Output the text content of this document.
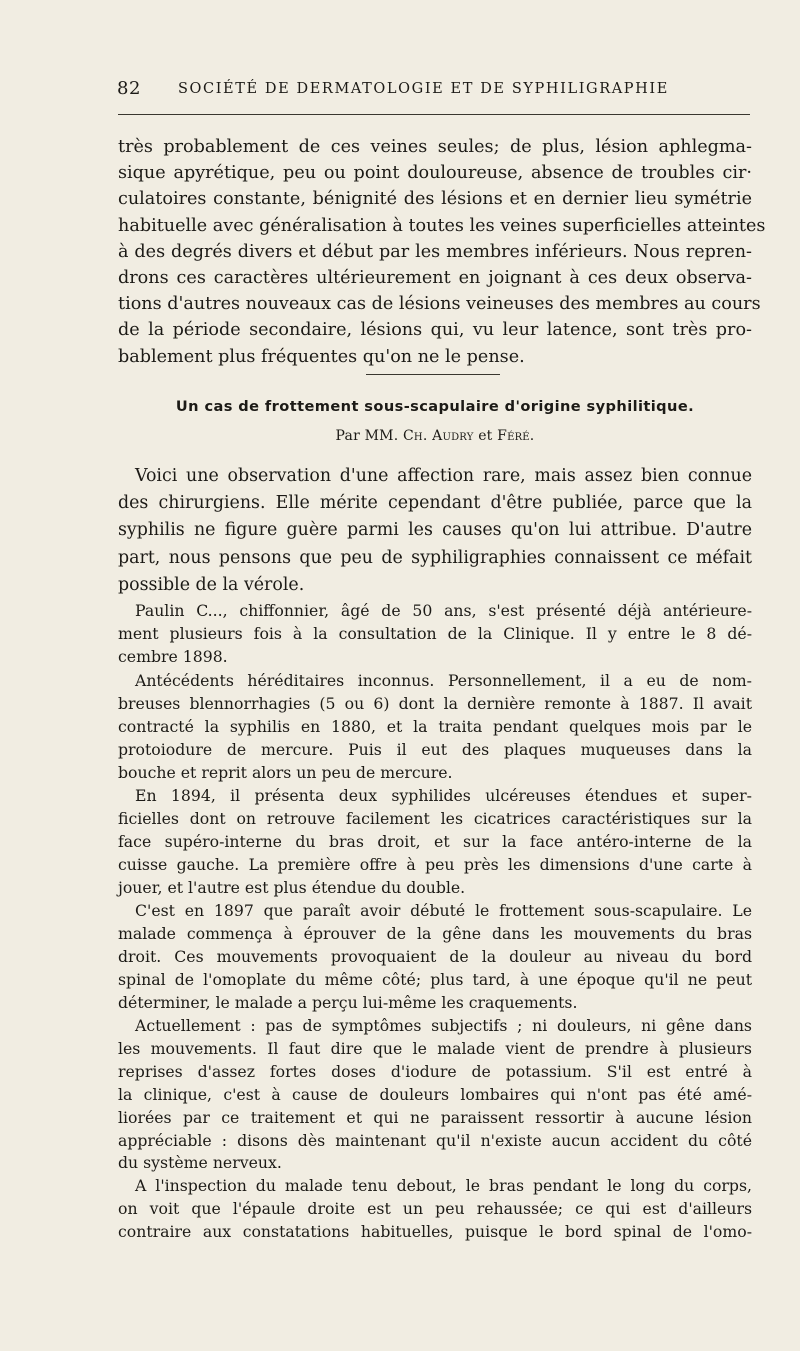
82	SOCIÉTÉ DE DERMATOLOGIE ET DE SYPHILIGRAPHIE
très probablement de ces veines seules; de plus, lésion aphlegma-
sique apyrétique, peu ou point douloureuse, absence de troubles cir·
culatoires constante, bénignité des lésions et en dernier lieu symétrie
habituelle avec généralisation à toutes les veines superficielles atteintes
à des degrés divers et début par les membres inférieurs. Nous repren-
drons ces caractères ultérieurement en joignant à ces deux observa-
tions d'autres nouveaux cas de lésions veineuses des membres au cours
de la période secondaire, lésions qui, vu leur latence, sont très pro-
bablement plus fréquentes qu'on ne le pense.
Un cas de frottement sous-scapulaire d'origine syphilitique.
Par MM. Ch. Audry et Féré.
Voici une observation d'une affection rare, mais assez bien connue
des chirurgiens. Elle mérite cependant d'être publiée, parce que la
syphilis ne figure guère parmi les causes qu'on lui attribue. D'autre
part, nous pensons que peu de syphiligraphies connaissent ce méfait
possible de la vérole.
Paulin C..., chiffonnier, âgé de 50 ans, s'est présenté déjà antérieure-
ment plusieurs fois à la consultation de la Clinique. Il y entre le 8 dé-
cembre 1898.
Antécédents héréditaires inconnus. Personnellement, il a eu de nom-
breuses blennorrhagies (5 ou 6) dont la dernière remonte à 1887. Il avait
contracté la syphilis en 1880, et la traita pendant quelques mois par le
protoiodure de mercure. Puis il eut des plaques muqueuses dans la
bouche et reprit alors un peu de mercure.
En 1894, il présenta deux syphilides ulcéreuses étendues et super-
ficielles dont on retrouve facilement les cicatrices caractéristiques sur la
face supéro-interne du bras droit, et sur la face antéro-interne de la
cuisse gauche. La première offre à peu près les dimensions d'une carte à
jouer, et l'autre est plus étendue du double.
C'est en 1897 que paraît avoir débuté le frottement sous-scapulaire. Le
malade commença à éprouver de la gêne dans les mouvements du bras
droit. Ces mouvements provoquaient de la douleur au niveau du bord
spinal de l'omoplate du même côté; plus tard, à une époque qu'il ne peut
déterminer, le malade a perçu lui-même les craquements.
Actuellement : pas de symptômes subjectifs ; ni douleurs, ni gêne dans
les mouvements. Il faut dire que le malade vient de prendre à plusieurs
reprises d'assez fortes doses d'iodure de potassium. S'il est entré à
la clinique, c'est à cause de douleurs lombaires qui n'ont pas été amé-
liorées par ce traitement et qui ne paraissent ressortir à aucune lésion
appréciable : disons dès maintenant qu'il n'existe aucun accident du côté
du système nerveux.
A l'inspection du malade tenu debout, le bras pendant le long du corps,
on voit que l'épaule droite est un peu rehaussée; ce qui est d'ailleurs
contraire aux constatations habituelles, puisque le bord spinal de l'omo-
